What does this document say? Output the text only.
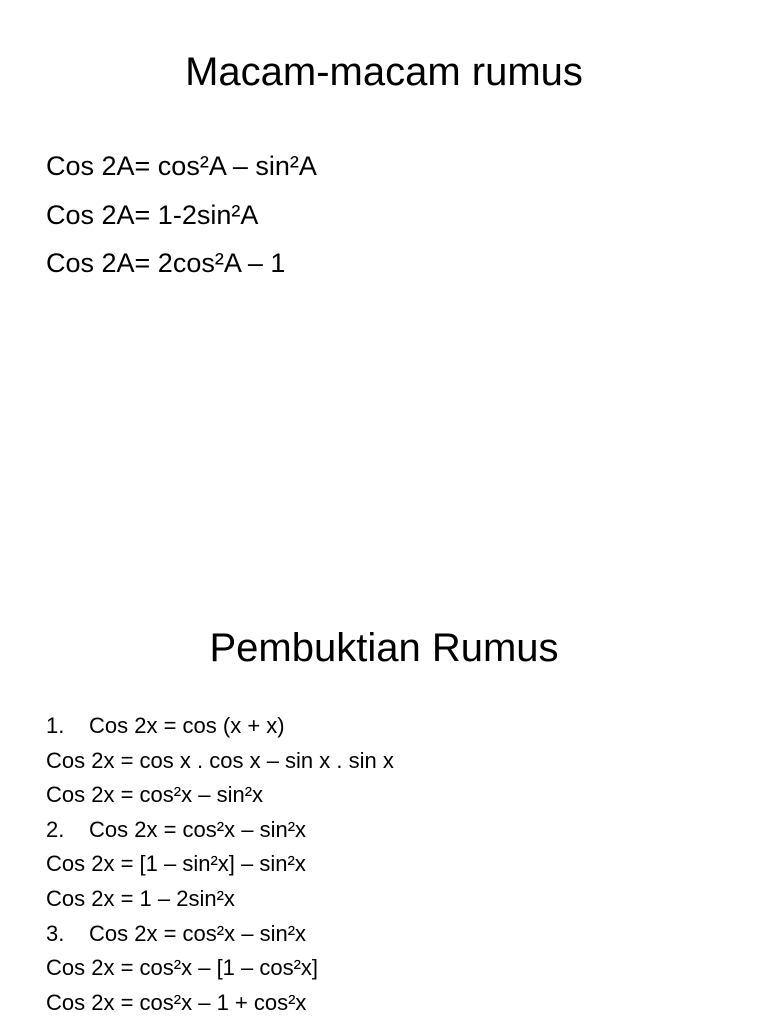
Macam-macam rumus
Cos 2A= cos²A – sin²A
Cos 2A= 1-2sin²A
Cos 2A= 2cos²A – 1
Pembuktian Rumus
1. Cos 2x = cos (x + x)
Cos 2x = cos x . cos x – sin x . sin x
Cos 2x = cos²x – sin²x
2. Cos 2x = cos²x – sin²x
Cos 2x = [1 – sin²x] – sin²x
Cos 2x = 1 – 2sin²x
3. Cos 2x = cos²x – sin²x
Cos 2x = cos²x – [1 – cos²x]
Cos 2x = cos²x – 1 + cos²x
